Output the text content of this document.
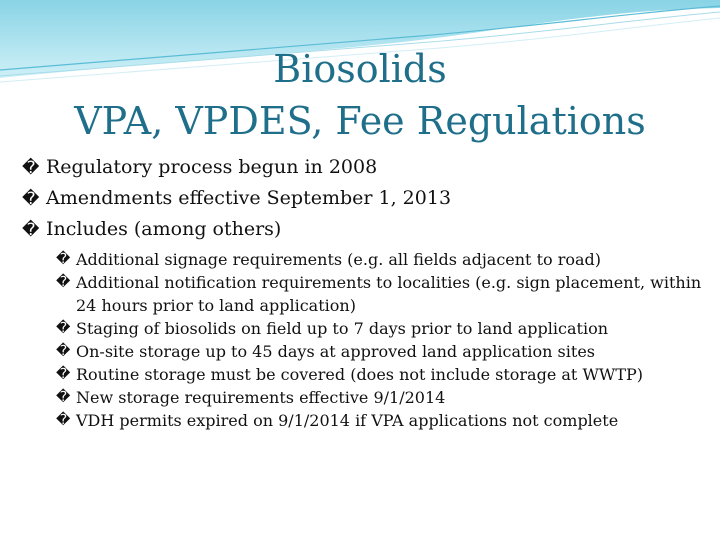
Biosolids
VPA, VPDES, Fee Regulations
� Regulatory process begun in 2008
� Amendments effective September 1, 2013
� Includes (among others)
� Additional signage requirements (e.g. all fields adjacent to road)
� Additional notification requirements to localities (e.g. sign placement, within 24 hours prior to land application)
� Staging of biosolids on field up to 7 days prior to land application
� On-site storage up to 45 days at approved land application sites
� Routine storage must be covered (does not include storage at WWTP)
� New storage requirements effective 9/1/2014
� VDH permits expired on 9/1/2014 if VPA applications not complete
